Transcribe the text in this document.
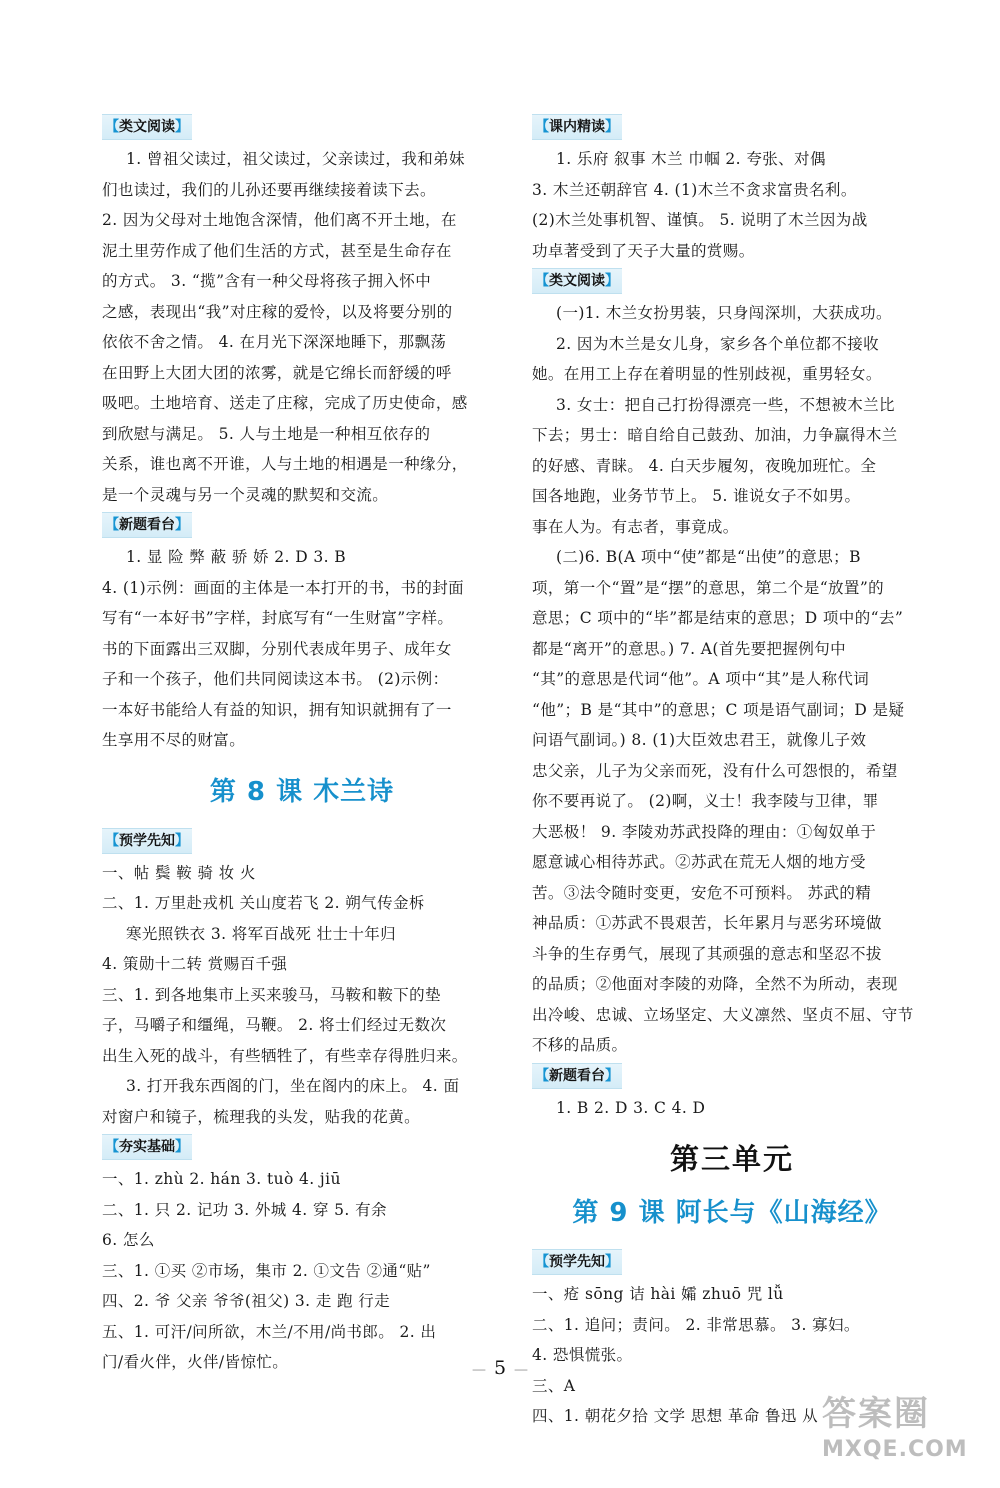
【类文阅读】
1. 曾祖父读过，祖父读过，父亲读过，我和弟妹
们也读过，我们的儿孙还要再继续接着读下去。
2. 因为父母对土地饱含深情，他们离不开土地，在
泥土里劳作成了他们生活的方式，甚至是生命存在
的方式。 3. “揽”含有一种父母将孩子拥入怀中
之感，表现出“我”对庄稼的爱怜，以及将要分别的
依依不舍之情。 4. 在月光下深深地睡下，那飘荡
在田野上大团大团的浓雾，就是它绵长而舒缓的呼
吸吧。土地培育、送走了庄稼，完成了历史使命，感
到欣慰与满足。 5. 人与土地是一种相互依存的
关系，谁也离不开谁，人与土地的相遇是一种缘分，
是一个灵魂与另一个灵魂的默契和交流。
【新题看台】
1. 显 险 弊 蔽 骄 娇 2. D 3. B
4. (1)示例：画面的主体是一本打开的书，书的封面
写有“一本好书”字样，封底写有“一生财富”字样。
书的下面露出三双脚，分别代表成年男子、成年女
子和一个孩子，他们共同阅读这本书。 (2)示例：
一本好书能给人有益的知识，拥有知识就拥有了一
生享用不尽的财富。
第 8 课 木兰诗
【预学先知】
一、帖 鬓 鞍 骑 妆 火
二、1. 万里赴戎机 关山度若飞 2. 朔气传金柝
寒光照铁衣 3. 将军百战死 壮士十年归
4. 策勋十二转 赏赐百千强
三、1. 到各地集市上买来骏马，马鞍和鞍下的垫
子，马嚼子和缰绳，马鞭。 2. 将士们经过无数次
出生入死的战斗，有些牺牲了，有些幸存得胜归来。
3. 打开我东西阁的门，坐在阁内的床上。 4. 面
对窗户和镜子，梳理我的头发，贴我的花黄。
【夯实基础】
一、1. zhù 2. hán 3. tuò 4. jiū
二、1. 只 2. 记功 3. 外城 4. 穿 5. 有余
6. 怎么
三、1. ①买 ②市场，集市 2. ①文告 ②通“贴”
四、2. 爷 父亲 爷爷(祖父) 3. 走 跑 行走
五、1. 可汗/问所欲，木兰/不用/尚书郎。 2. 出
门/看火伴，火伴/皆惊忙。
【课内精读】
1. 乐府 叙事 木兰 巾帼 2. 夸张、对偶
3. 木兰还朝辞官 4. (1)木兰不贪求富贵名利。
(2)木兰处事机智、谨慎。 5. 说明了木兰因为战
功卓著受到了天子大量的赏赐。
【类文阅读】
(一)1. 木兰女扮男装，只身闯深圳，大获成功。
2. 因为木兰是女儿身，家乡各个单位都不接收
她。在用工上存在着明显的性别歧视，重男轻女。
3. 女士：把自己打扮得漂亮一些，不想被木兰比
下去；男士：暗自给自己鼓劲、加油，力争赢得木兰
的好感、青睐。 4. 白天步履匆，夜晚加班忙。全
国各地跑，业务节节上。 5. 谁说女子不如男。
事在人为。有志者，事竟成。
(二)6. B(A 项中“使”都是“出使”的意思；B
项，第一个“置”是“摆”的意思，第二个是“放置”的
意思；C 项中的“毕”都是结束的意思；D 项中的“去”
都是“离开”的意思。) 7. A(首先要把握例句中
“其”的意思是代词“他”。A 项中“其”是人称代词
“他”；B 是“其中”的意思；C 项是语气副词；D 是疑
问语气副词。) 8. (1)大臣效忠君王，就像儿子效
忠父亲，儿子为父亲而死，没有什么可怨恨的，希望
你不要再说了。 (2)啊，义士！我李陵与卫律，罪
大恶极！ 9. 李陵劝苏武投降的理由：①匈奴单于
愿意诚心相待苏武。②苏武在荒无人烟的地方受
苦。③法令随时变更，安危不可预料。 苏武的精
神品质：①苏武不畏艰苦，长年累月与恶劣环境做
斗争的生存勇气，展现了其顽强的意志和坚忍不拔
的品质；②他面对李陵的劝降，全然不为所动，表现
出冷峻、忠诚、立场坚定、大义凛然、坚贞不屈、守节
不移的品质。
【新题看台】
1. B 2. D 3. C 4. D
第三单元
第 9 课 阿长与《山海经》
【预学先知】
一、疮 sōng 诘 hài 孀 zhuō 咒 lǚ
二、1. 追问；责问。 2. 非常思慕。 3. 寡妇。
4. 恐惧慌张。
三、A
四、1. 朝花夕拾 文学 思想 革命 鲁迅 从
— 5 —
答案圈
MXQE.COM
